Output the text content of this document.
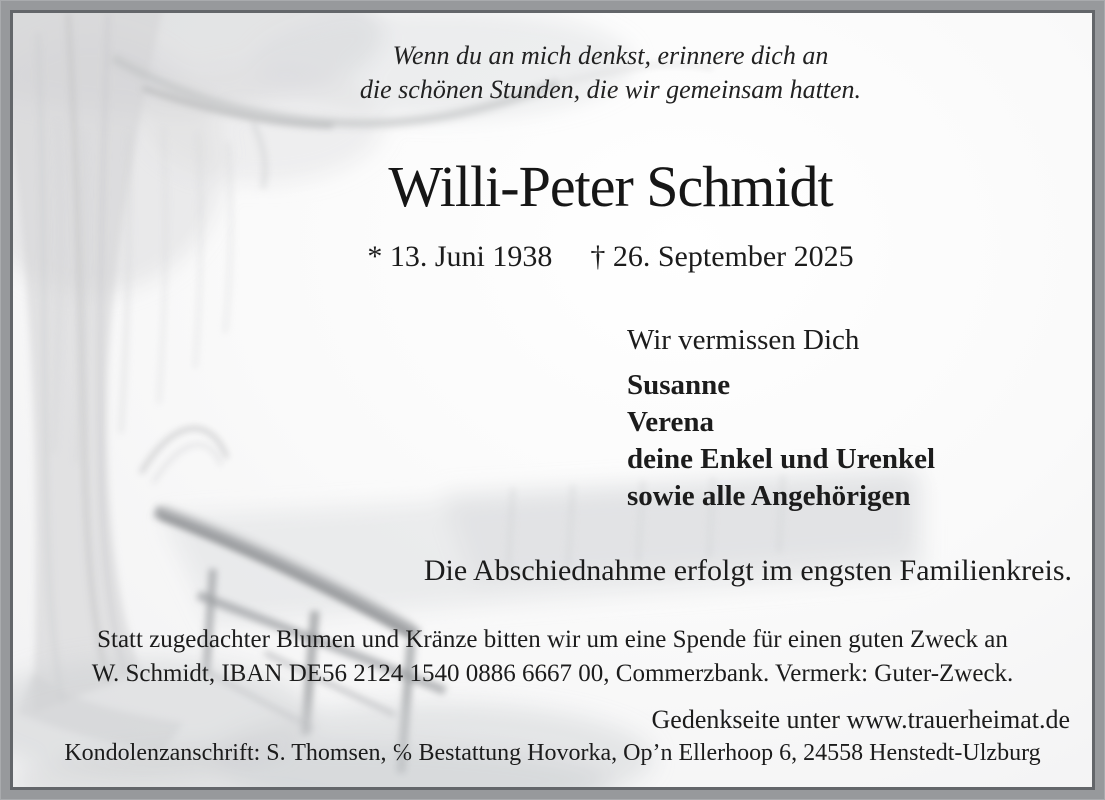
Wenn du an mich denkst, erinnere dich an
die schönen Stunden, die wir gemeinsam hatten.
Willi-Peter Schmidt
* 13. Juni 1938 † 26. September 2025
Wir vermissen Dich
Susanne
Verena
deine Enkel und Urenkel
sowie alle Angehörigen
Die Abschiednahme erfolgt im engsten Familienkreis.
Statt zugedachter Blumen und Kränze bitten wir um eine Spende für einen guten Zweck an
W. Schmidt, IBAN DE56 2124 1540 0886 6667 00, Commerzbank. Vermerk: Guter-Zweck.
Gedenkseite unter www.trauerheimat.de
Kondolenzanschrift: S. Thomsen, ℅ Bestattung Hovorka, Op’n Ellerhoop 6, 24558 Henstedt-Ulzburg
